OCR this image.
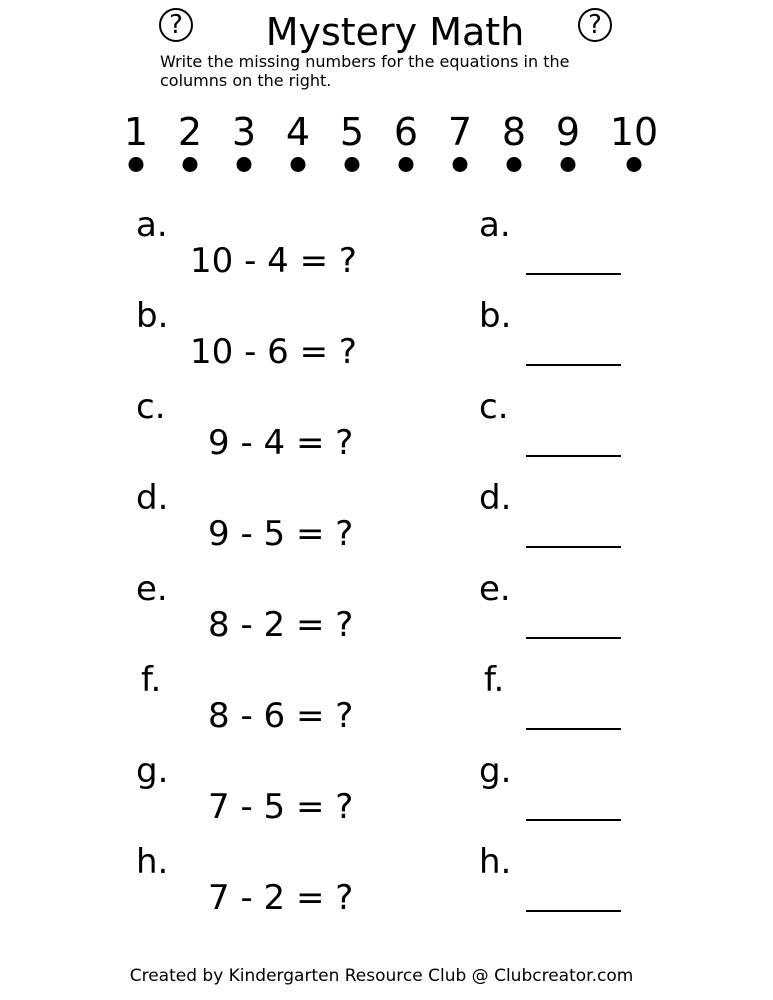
?	?
Mystery Math
Write the missing numbers for the equations in the columns on the right.
1 2 3 4 5 6 7 8 9 10
a.
10 - 4 = ?
a.
b.
10 - 6 = ?
b.
c.
9 - 4 = ?
c.
d.
9 - 5 = ?
d.
e.
8 - 2 = ?
e.
f.
8 - 6 = ?
f.
g.
7 - 5 = ?
g.
h.
7 - 2 = ?
h.
Created by Kindergarten Resource Club @ Clubcreator.com
